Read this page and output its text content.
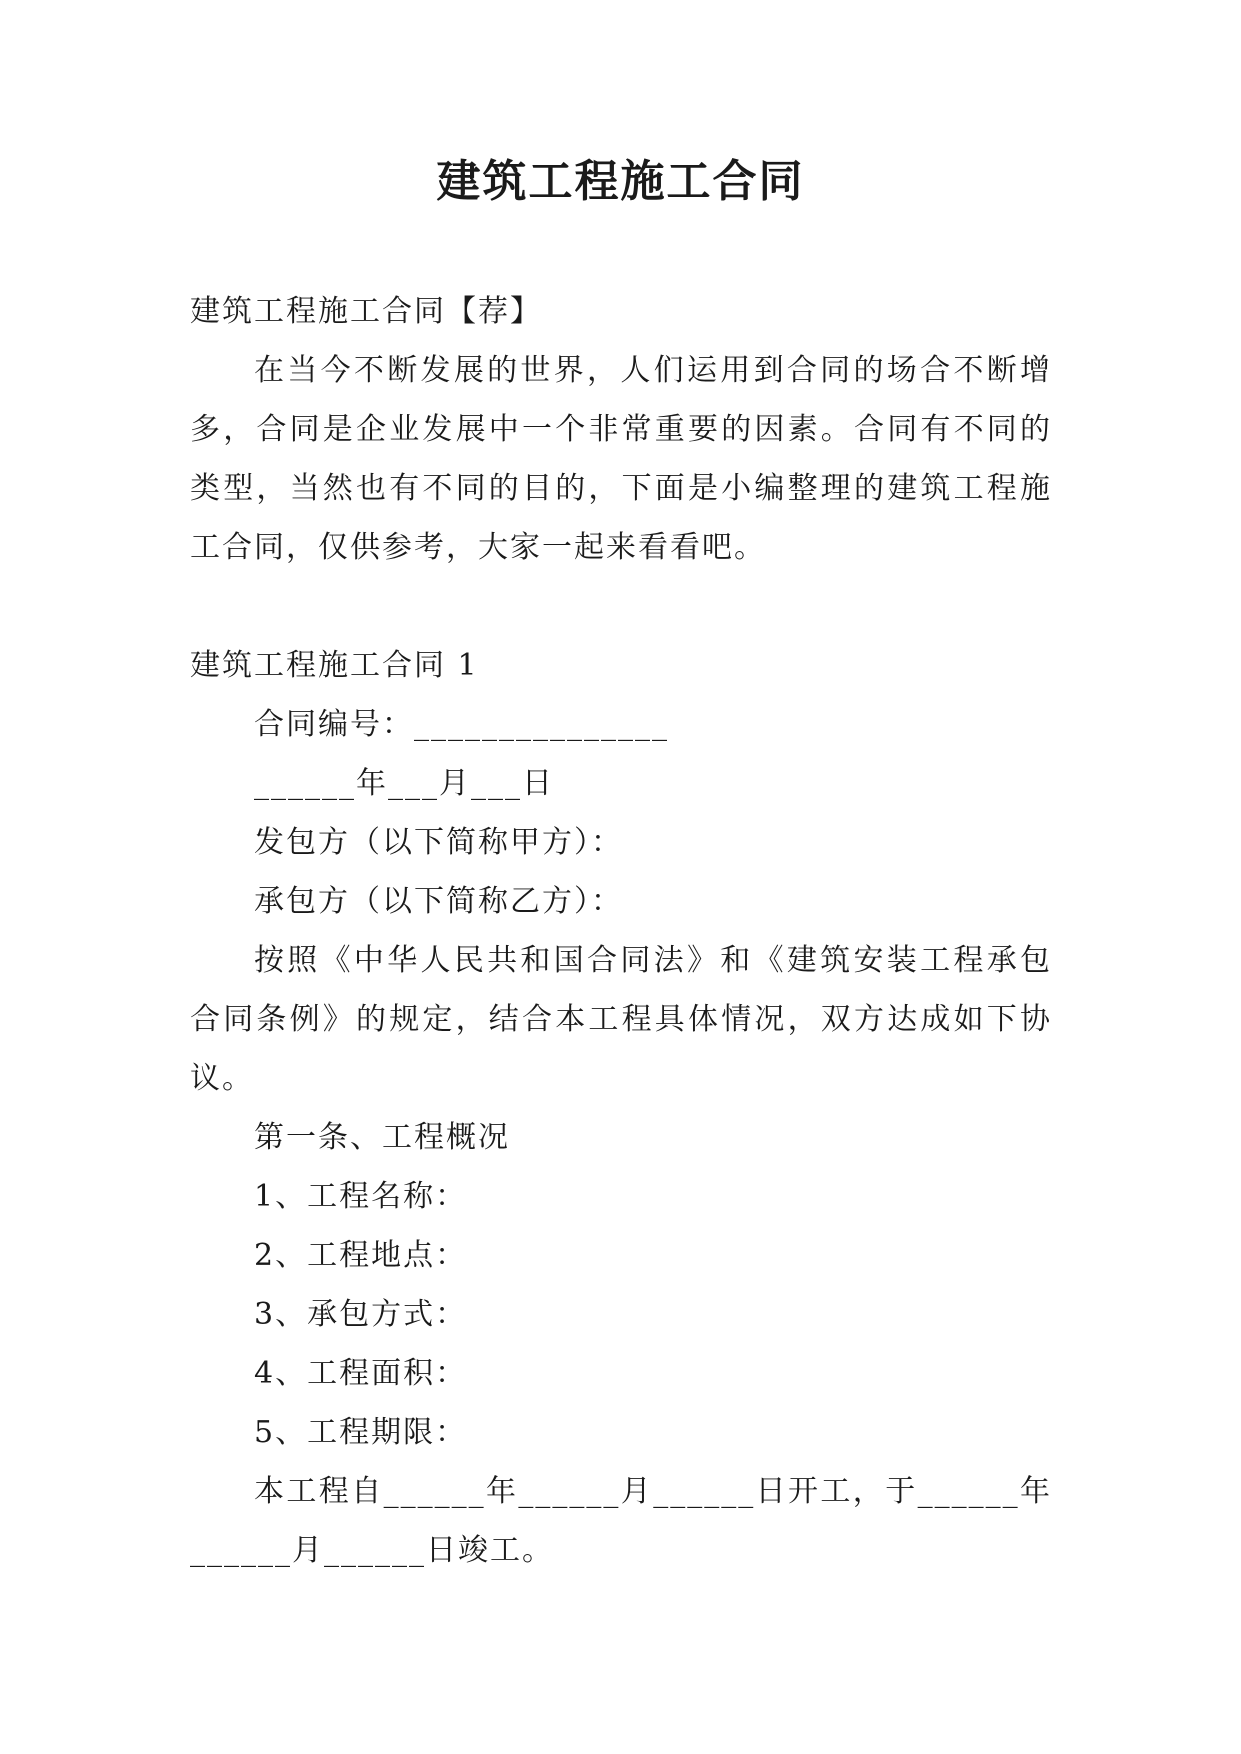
建筑工程施工合同

建筑工程施工合同【荐】

在当今不断发展的世界，人们运用到合同的场合不断增多，合同是企业发展中一个非常重要的因素。合同有不同的类型，当然也有不同的目的，下面是小编整理的建筑工程施工合同，仅供参考，大家一起来看看吧。

建筑工程施工合同 1

合同编号：_______________

______年___月___日

发包方（以下简称甲方）：

承包方（以下简称乙方）：

按照《中华人民共和国合同法》和《建筑安装工程承包合同条例》的规定，结合本工程具体情况，双方达成如下协议。

第一条、工程概况

1、工程名称：

2、工程地点：

3、承包方式：

4、工程面积：

5、工程期限：

本工程自______年______月______日开工，于______年______月______日竣工。
